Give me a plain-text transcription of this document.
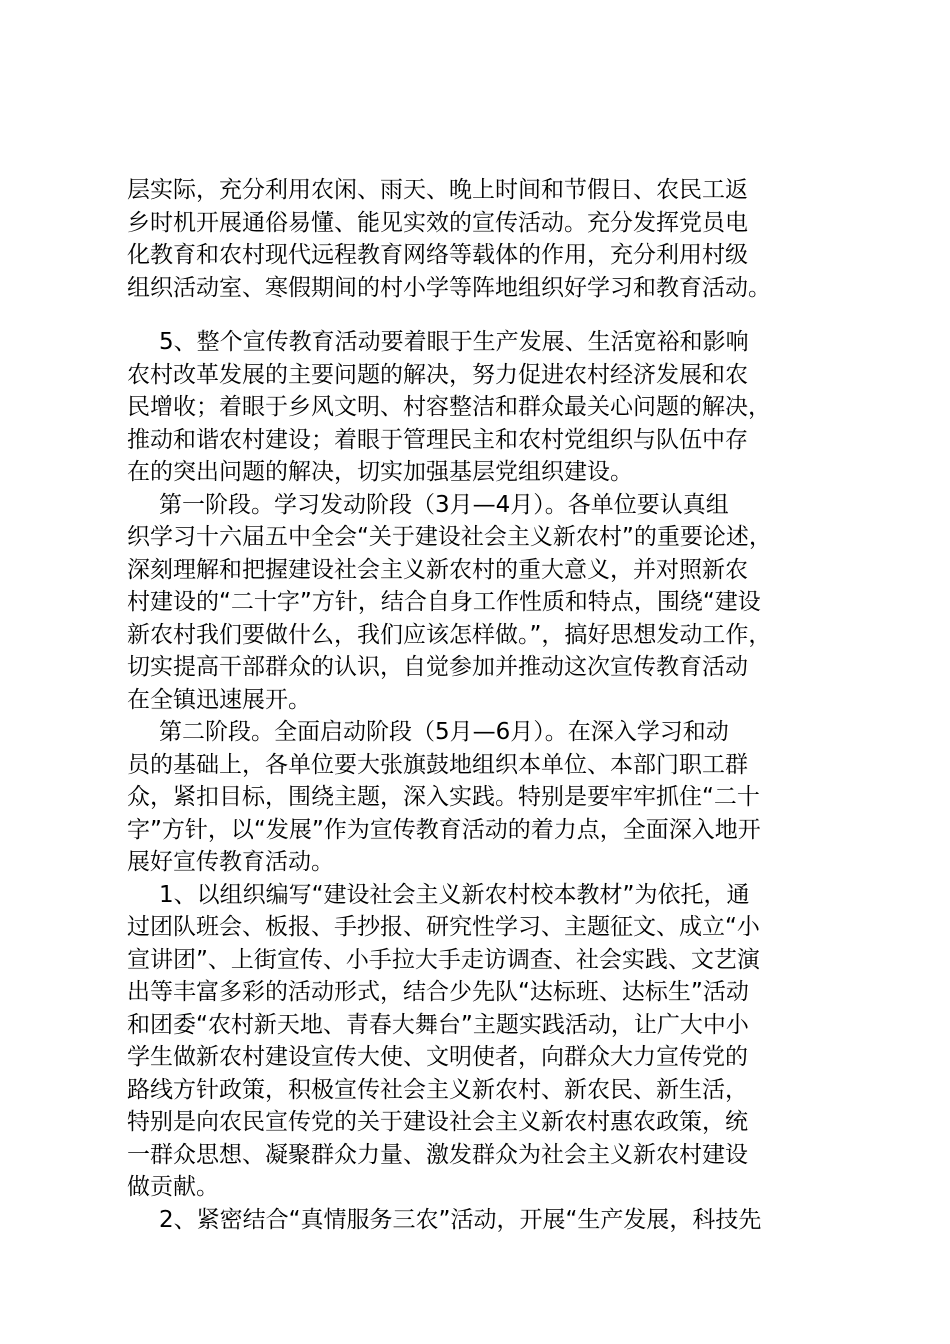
层实际，充分利用农闲、雨天、晚上时间和节假日、农民工返
乡时机开展通俗易懂、能见实效的宣传活动。充分发挥党员电
化教育和农村现代远程教育网络等载体的作用，充分利用村级
组织活动室、寒假期间的村小学等阵地组织好学习和教育活动。
5、整个宣传教育活动要着眼于生产发展、生活宽裕和影响
农村改革发展的主要问题的解决，努力促进农村经济发展和农
民增收；着眼于乡风文明、村容整洁和群众最关心问题的解决，
推动和谐农村建设；着眼于管理民主和农村党组织与队伍中存
在的突出问题的解决，切实加强基层党组织建设。
第一阶段。学习发动阶段（3月—4月）。各单位要认真组
织学习十六届五中全会“关于建设社会主义新农村”的重要论述，
深刻理解和把握建设社会主义新农村的重大意义，并对照新农
村建设的“二十字”方针，结合自身工作性质和特点，围绕“建设
新农村我们要做什么，我们应该怎样做。”，搞好思想发动工作，
切实提高干部群众的认识，自觉参加并推动这次宣传教育活动
在全镇迅速展开。
第二阶段。全面启动阶段（5月—6月）。在深入学习和动
员的基础上，各单位要大张旗鼓地组织本单位、本部门职工群
众，紧扣目标，围绕主题，深入实践。特别是要牢牢抓住“二十
字”方针，以“发展”作为宣传教育活动的着力点，全面深入地开
展好宣传教育活动。
1、以组织编写“建设社会主义新农村校本教材”为依托，通
过团队班会、板报、手抄报、研究性学习、主题征文、成立“小
宣讲团”、上街宣传、小手拉大手走访调查、社会实践、文艺演
出等丰富多彩的活动形式，结合少先队“达标班、达标生”活动
和团委“农村新天地、青春大舞台”主题实践活动，让广大中小
学生做新农村建设宣传大使、文明使者，向群众大力宣传党的
路线方针政策，积极宣传社会主义新农村、新农民、新生活，
特别是向农民宣传党的关于建设社会主义新农村惠农政策，统
一群众思想、凝聚群众力量、激发群众为社会主义新农村建设
做贡献。
2、紧密结合“真情服务三农”活动，开展“生产发展，科技先
